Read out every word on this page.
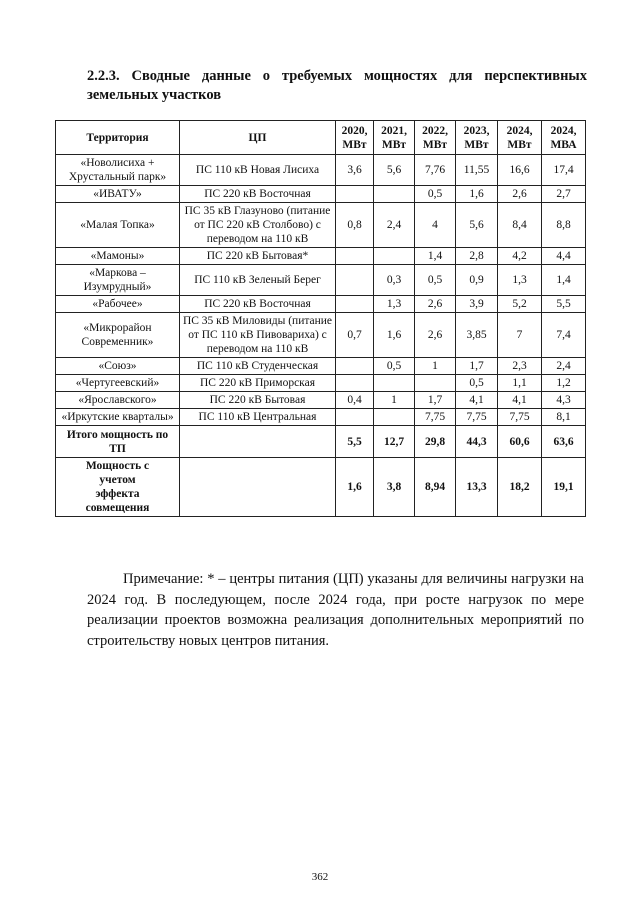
2.2.3. Сводные данные о требуемых мощностях для перспективных земельных участков
Территория	ЦП	2020, МВт	2021, МВт	2022, МВт	2023, МВт	2024, МВт	2024, МВА
«Новолисиха + Хрустальный парк»	ПС 110 кВ Новая Лисиха	3,6	5,6	7,76	11,55	16,6	17,4
«ИВАТУ»	ПС 220 кВ Восточная			0,5	1,6	2,6	2,7
«Малая Топка»	ПС 35 кВ Глазуново (питание от ПС 220 кВ Столбово) с переводом на 110 кВ	0,8	2,4	4	5,6	8,4	8,8
«Мамоны»	ПС 220 кВ Бытовая*			1,4	2,8	4,2	4,4
«Маркова – Изумрудный»	ПС 110 кВ Зеленый Берег		0,3	0,5	0,9	1,3	1,4
«Рабочее»	ПС 220 кВ Восточная		1,3	2,6	3,9	5,2	5,5
«Микрорайон Современник»	ПС 35 кВ Миловиды (питание от ПС 110 кВ Пивовариха) с переводом на 110 кВ	0,7	1,6	2,6	3,85	7	7,4
«Союз»	ПС 110 кВ Студенческая		0,5	1	1,7	2,3	2,4
«Чертугеевский»	ПС 220 кВ Приморская				0,5	1,1	1,2
«Ярославского»	ПС 220 кВ Бытовая	0,4	1	1,7	4,1	4,1	4,3
«Иркутские кварталы»	ПС 110 кВ Центральная			7,75	7,75	7,75	8,1
Итого мощность по ТП		5,5	12,7	29,8	44,3	60,6	63,6
Мощность с учетом эффекта совмещения		1,6	3,8	8,94	13,3	18,2	19,1

Примечание: * – центры питания (ЦП) указаны для величины нагрузки на 2024 год. В последующем, после 2024 года, при росте нагрузок по мере реализации проектов возможна реализация дополнительных мероприятий по строительству новых центров питания.

362
